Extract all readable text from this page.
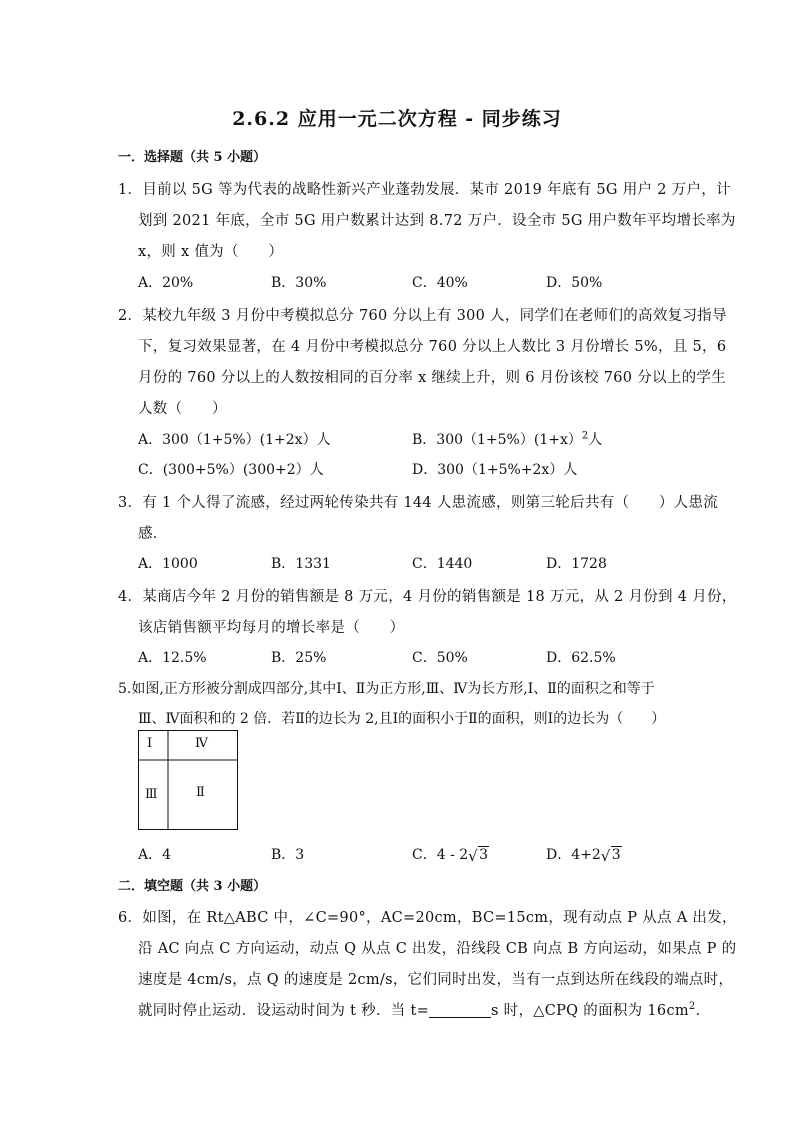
2.6.2 应用一元二次方程 - 同步练习
一．选择题（共 5 小题）
1．目前以 5G 等为代表的战略性新兴产业蓬勃发展．某市 2019 年底有 5G 用户 2 万户，计
划到 2021 年底，全市 5G 用户数累计达到 8.72 万户．设全市 5G 用户数年平均增长率为
x，则 x 值为（　　）
A．20%	B．30%	C．40%	D．50%
2．某校九年级 3 月份中考模拟总分 760 分以上有 300 人，同学们在老师们的高效复习指导
下，复习效果显著，在 4 月份中考模拟总分 760 分以上人数比 3 月份增长 5%，且 5，6
月份的 760 分以上的人数按相同的百分率 x 继续上升，则 6 月份该校 760 分以上的学生
人数（　　）
A．300（1+5%）(1+2x）人	B．300（1+5%）(1+x）$^2$人
C．(300+5%）(300+2）人	D．300（1+5%+2x）人
3．有 1 个人得了流感，经过两轮传染共有 144 人患流感，则第三轮后共有（　　）人患流
感．
A．1000	B．1331	C．1440	D．1728
4．某商店今年 2 月份的销售额是 8 万元，4 月份的销售额是 18 万元，从 2 月份到 4 月份，
该店销售额平均每月的增长率是（　　）
A．12.5%	B．25%	C．50%	D．62.5%
5.如图,正方形被分割成四部分,其中Ⅰ、Ⅱ为正方形,Ⅲ、Ⅳ为长方形,Ⅰ、Ⅱ的面积之和等于
Ⅲ、Ⅳ面积和的 2 倍．若Ⅱ的边长为 2,且Ⅰ的面积小于Ⅱ的面积，则Ⅰ的边长为（　　）
Ⅰ	Ⅳ
Ⅲ	Ⅱ
A．4	B．3	C．4 - 2 √ 3	D．4+2 √ 3
二．填空题（共 3 小题）
6．如图，在 Rt△ABC 中，∠C=90°，AC=20cm，BC=15cm，现有动点 P 从点 A 出发，
沿 AC 向点 C 方向运动，动点 Q 从点 C 出发，沿线段 CB 向点 B 方向运动，如果点 P 的
速度是 4cm/s，点 Q 的速度是 2cm/s，它们同时出发，当有一点到达所在线段的端点时，
就同时停止运动．设运动时间为 t 秒．当 t=	s 时，△CPQ 的面积为 $16cm^2$．
